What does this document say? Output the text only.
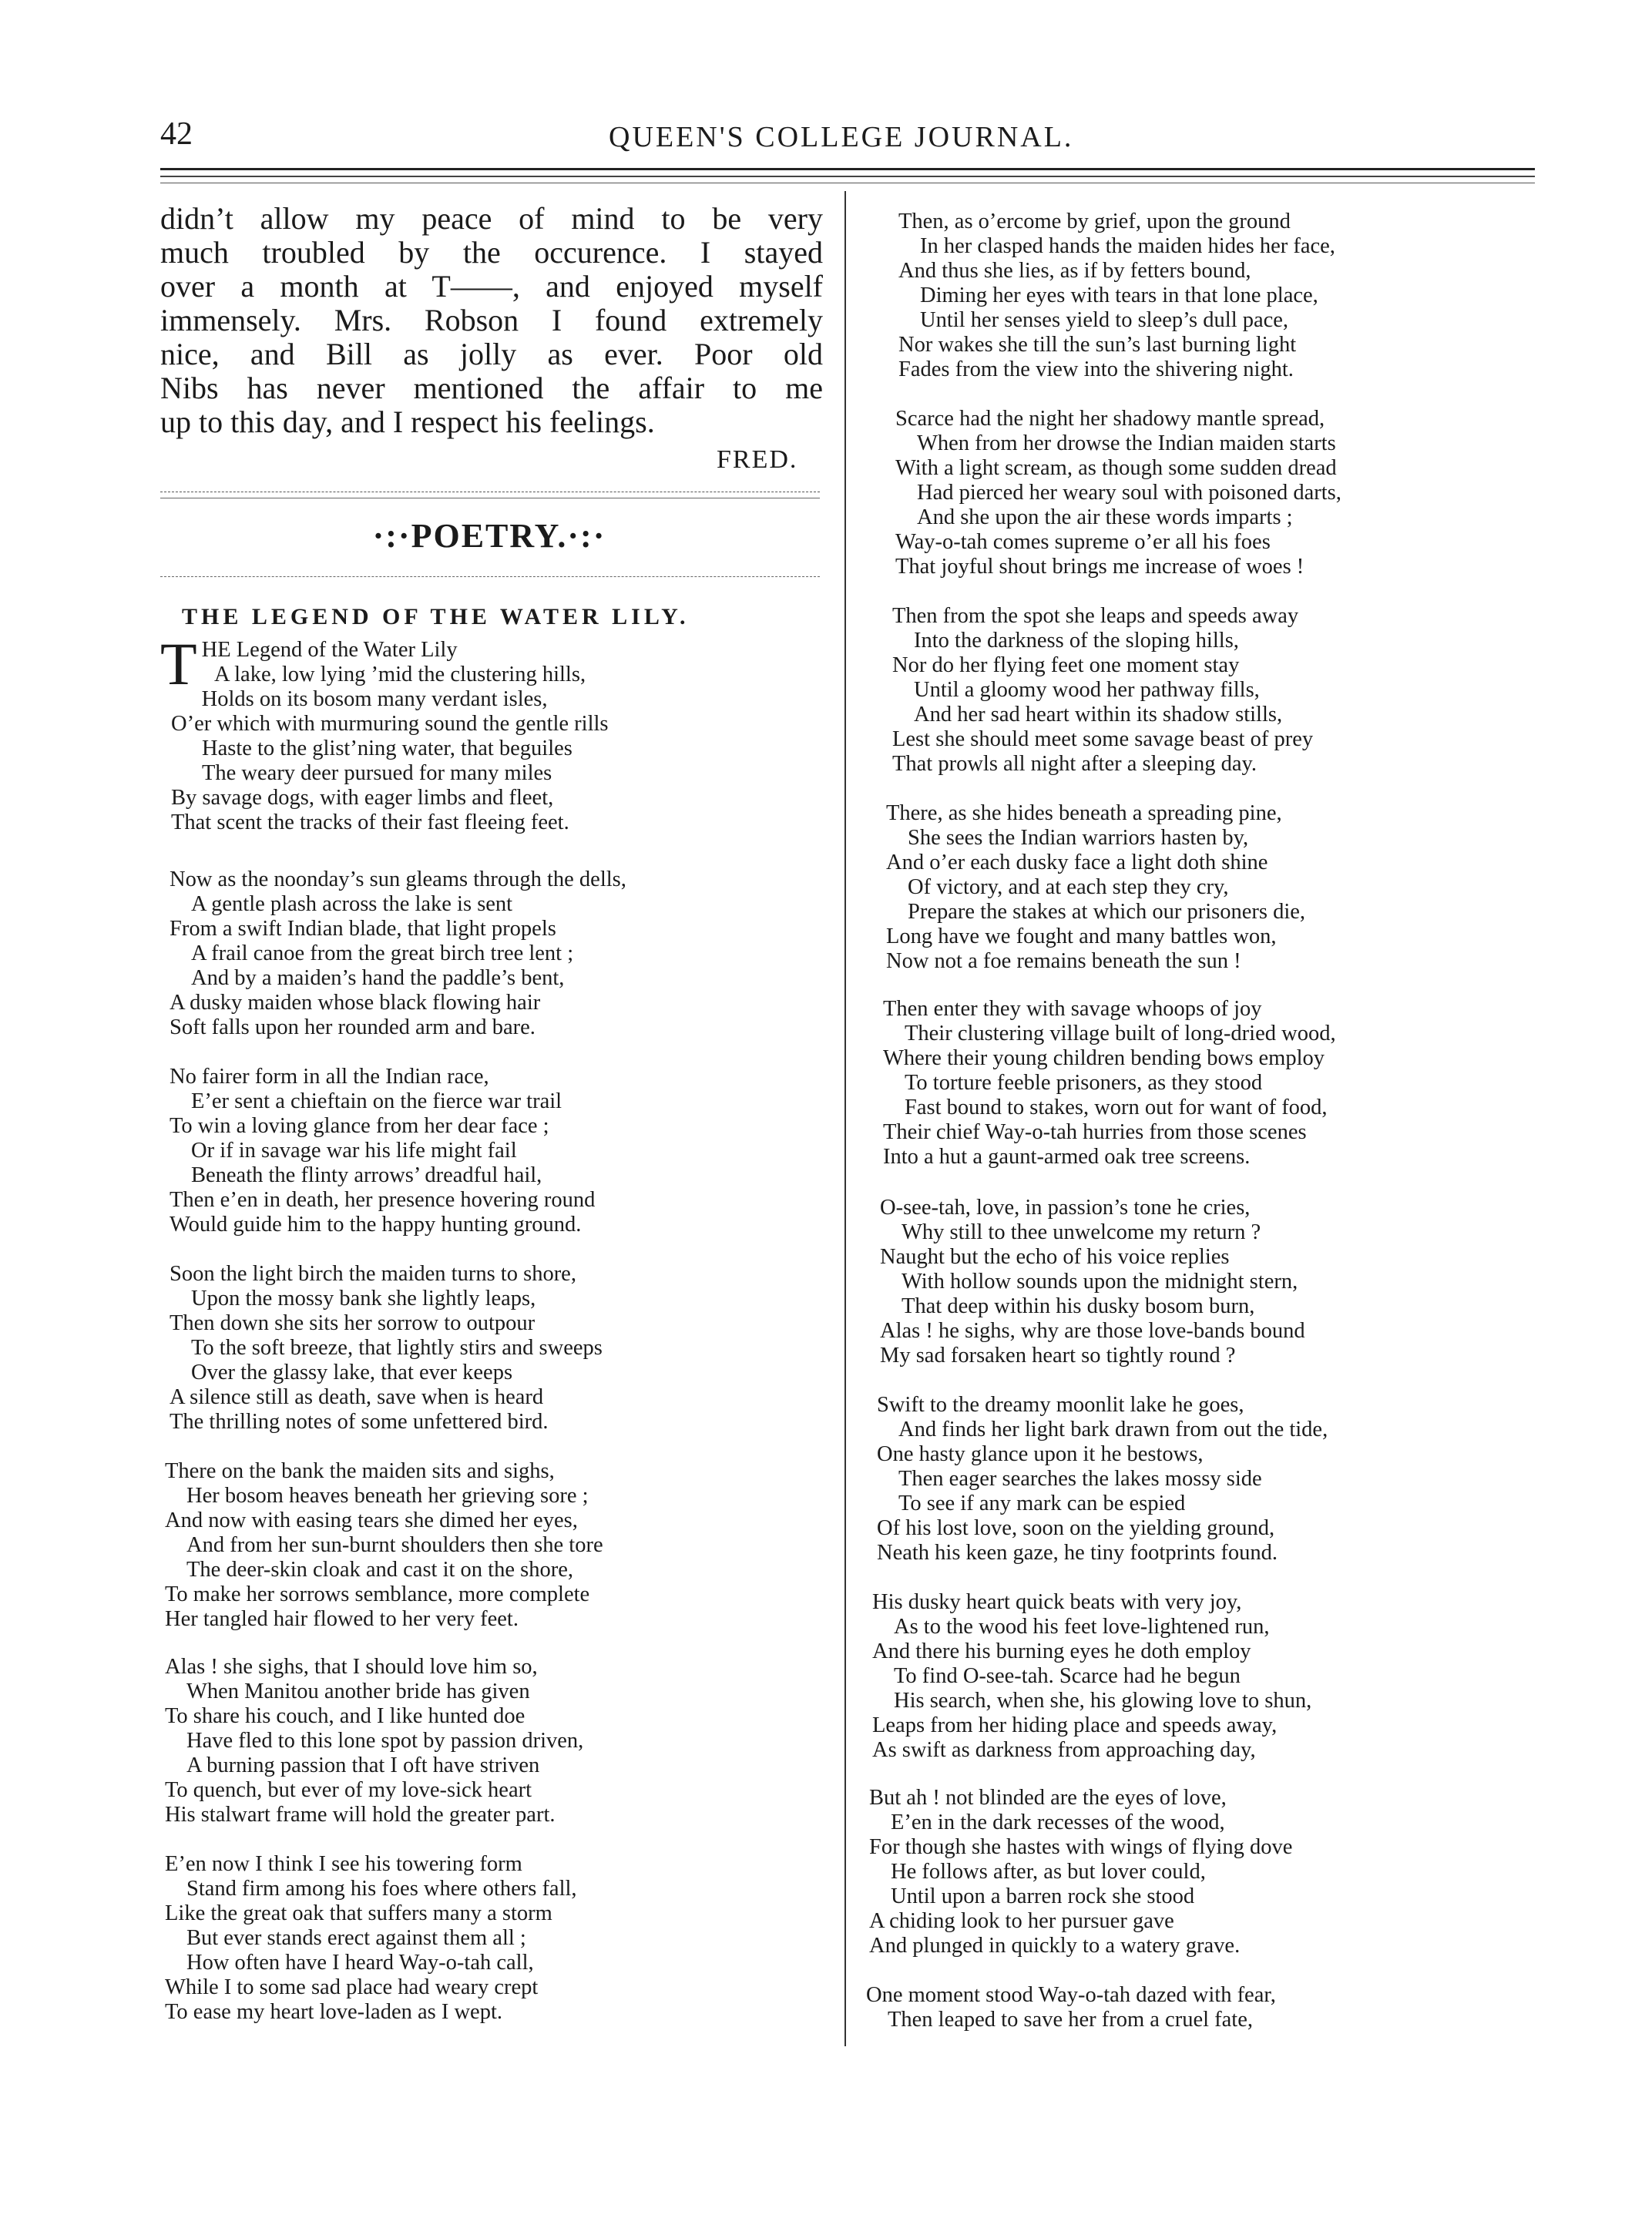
42	QUEEN'S COLLEGE JOURNAL.
didn’t allow my peace of mind to be very
much troubled by the occurence. I stayed
over a month at T——, and enjoyed myself
immensely. Mrs. Robson I found extremely
nice, and Bill as jolly as ever. Poor old
Nibs has never mentioned the affair to me
up to this day, and I respect his feelings.
FRED.
·:·POETRY.·:·
THE LEGEND OF THE WATER LILY.
T HE Legend of the Water Lily
A lake, low lying ’mid the clustering hills,
Holds on its bosom many verdant isles,
O’er which with murmuring sound the gentle rills
Haste to the glist’ning water, that beguiles
The weary deer pursued for many miles
By savage dogs, with eager limbs and fleet,
That scent the tracks of their fast fleeing feet.
Now as the noonday’s sun gleams through the dells,
A gentle plash across the lake is sent
From a swift Indian blade, that light propels
A frail canoe from the great birch tree lent ;
And by a maiden’s hand the paddle’s bent,
A dusky maiden whose black flowing hair
Soft falls upon her rounded arm and bare.
No fairer form in all the Indian race,
E’er sent a chieftain on the fierce war trail
To win a loving glance from her dear face ;
Or if in savage war his life might fail
Beneath the flinty arrows’ dreadful hail,
Then e’en in death, her presence hovering round
Would guide him to the happy hunting ground.
Soon the light birch the maiden turns to shore,
Upon the mossy bank she lightly leaps,
Then down she sits her sorrow to outpour
To the soft breeze, that lightly stirs and sweeps
Over the glassy lake, that ever keeps
A silence still as death, save when is heard
The thrilling notes of some unfettered bird.
There on the bank the maiden sits and sighs,
Her bosom heaves beneath her grieving sore ;
And now with easing tears she dimed her eyes,
And from her sun-burnt shoulders then she tore
The deer-skin cloak and cast it on the shore,
To make her sorrows semblance, more complete
Her tangled hair flowed to her very feet.
Alas ! she sighs, that I should love him so,
When Manitou another bride has given
To share his couch, and I like hunted doe
Have fled to this lone spot by passion driven,
A burning passion that I oft have striven
To quench, but ever of my love-sick heart
His stalwart frame will hold the greater part.
E’en now I think I see his towering form
Stand firm among his foes where others fall,
Like the great oak that suffers many a storm
But ever stands erect against them all ;
How often have I heard Way-o-tah call,
While I to some sad place had weary crept
To ease my heart love-laden as I wept.
Then, as o’ercome by grief, upon the ground
In her clasped hands the maiden hides her face,
And thus she lies, as if by fetters bound,
Diming her eyes with tears in that lone place,
Until her senses yield to sleep’s dull pace,
Nor wakes she till the sun’s last burning light
Fades from the view into the shivering night.
Scarce had the night her shadowy mantle spread,
When from her drowse the Indian maiden starts
With a light scream, as though some sudden dread
Had pierced her weary soul with poisoned darts,
And she upon the air these words imparts ;
Way-o-tah comes supreme o’er all his foes
That joyful shout brings me increase of woes !
Then from the spot she leaps and speeds away
Into the darkness of the sloping hills,
Nor do her flying feet one moment stay
Until a gloomy wood her pathway fills,
And her sad heart within its shadow stills,
Lest she should meet some savage beast of prey
That prowls all night after a sleeping day.
There, as she hides beneath a spreading pine,
She sees the Indian warriors hasten by,
And o’er each dusky face a light doth shine
Of victory, and at each step they cry,
Prepare the stakes at which our prisoners die,
Long have we fought and many battles won,
Now not a foe remains beneath the sun !
Then enter they with savage whoops of joy
Their clustering village built of long-dried wood,
Where their young children bending bows employ
To torture feeble prisoners, as they stood
Fast bound to stakes, worn out for want of food,
Their chief Way-o-tah hurries from those scenes
Into a hut a gaunt-armed oak tree screens.
O-see-tah, love, in passion’s tone he cries,
Why still to thee unwelcome my return ?
Naught but the echo of his voice replies
With hollow sounds upon the midnight stern,
That deep within his dusky bosom burn,
Alas ! he sighs, why are those love-bands bound
My sad forsaken heart so tightly round ?
Swift to the dreamy moonlit lake he goes,
And finds her light bark drawn from out the tide,
One hasty glance upon it he bestows,
Then eager searches the lakes mossy side
To see if any mark can be espied
Of his lost love, soon on the yielding ground,
Neath his keen gaze, he tiny footprints found.
His dusky heart quick beats with very joy,
As to the wood his feet love-lightened run,
And there his burning eyes he doth employ
To find O-see-tah. Scarce had he begun
His search, when she, his glowing love to shun,
Leaps from her hiding place and speeds away,
As swift as darkness from approaching day,
But ah ! not blinded are the eyes of love,
E’en in the dark recesses of the wood,
For though she hastes with wings of flying dove
He follows after, as but lover could,
Until upon a barren rock she stood
A chiding look to her pursuer gave
And plunged in quickly to a watery grave.
One moment stood Way-o-tah dazed with fear,
Then leaped to save her from a cruel fate,
